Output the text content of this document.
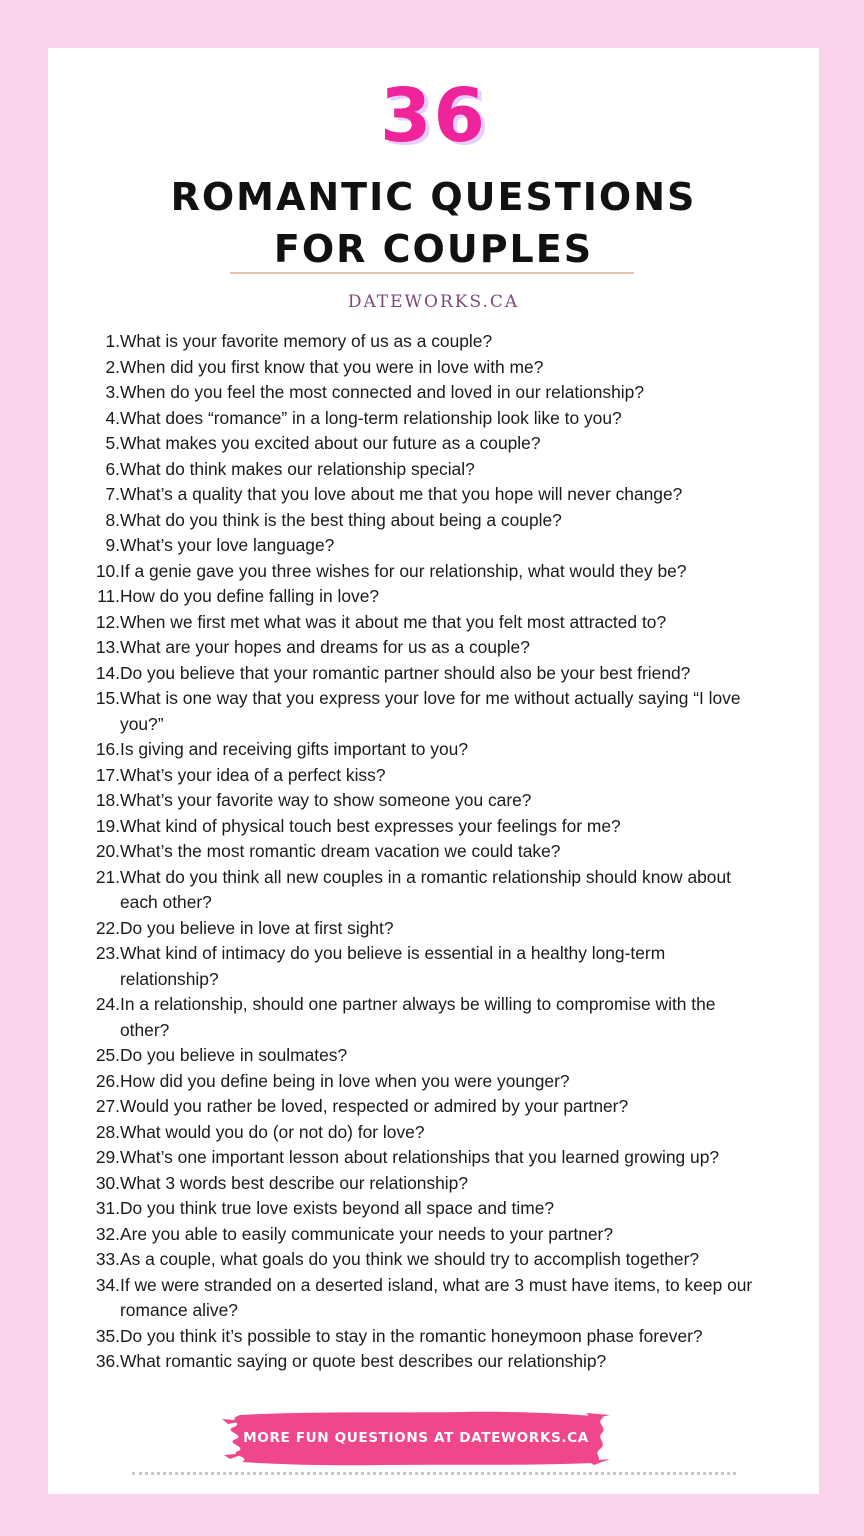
36
ROMANTIC QUESTIONS
FOR COUPLES
DATEWORKS.CA
1. What is your favorite memory of us as a couple?
2. When did you first know that you were in love with me?
3. When do you feel the most connected and loved in our relationship?
4. What does “romance” in a long-term relationship look like to you?
5. What makes you excited about our future as a couple?
6. What do think makes our relationship special?
7. What’s a quality that you love about me that you hope will never change?
8. What do you think is the best thing about being a couple?
9. What’s your love language?
10. If a genie gave you three wishes for our relationship, what would they be?
11. How do you define falling in love?
12. When we first met what was it about me that you felt most attracted to?
13. What are your hopes and dreams for us as a couple?
14. Do you believe that your romantic partner should also be your best friend?
15. What is one way that you express your love for me without actually saying “I love you?”
16. Is giving and receiving gifts important to you?
17. What’s your idea of a perfect kiss?
18. What’s your favorite way to show someone you care?
19. What kind of physical touch best expresses your feelings for me?
20. What’s the most romantic dream vacation we could take?
21. What do you think all new couples in a romantic relationship should know about each other?
22. Do you believe in love at first sight?
23. What kind of intimacy do you believe is essential in a healthy long-term relationship?
24. In a relationship, should one partner always be willing to compromise with the other?
25. Do you believe in soulmates?
26. How did you define being in love when you were younger?
27. Would you rather be loved, respected or admired by your partner?
28. What would you do (or not do) for love?
29. What’s one important lesson about relationships that you learned growing up?
30. What 3 words best describe our relationship?
31. Do you think true love exists beyond all space and time?
32. Are you able to easily communicate your needs to your partner?
33. As a couple, what goals do you think we should try to accomplish together?
34. If we were stranded on a deserted island, what are 3 must have items, to keep our romance alive?
35. Do you think it’s possible to stay in the romantic honeymoon phase forever?
36. What romantic saying or quote best describes our relationship?
MORE FUN QUESTIONS AT DATEWORKS.CA
